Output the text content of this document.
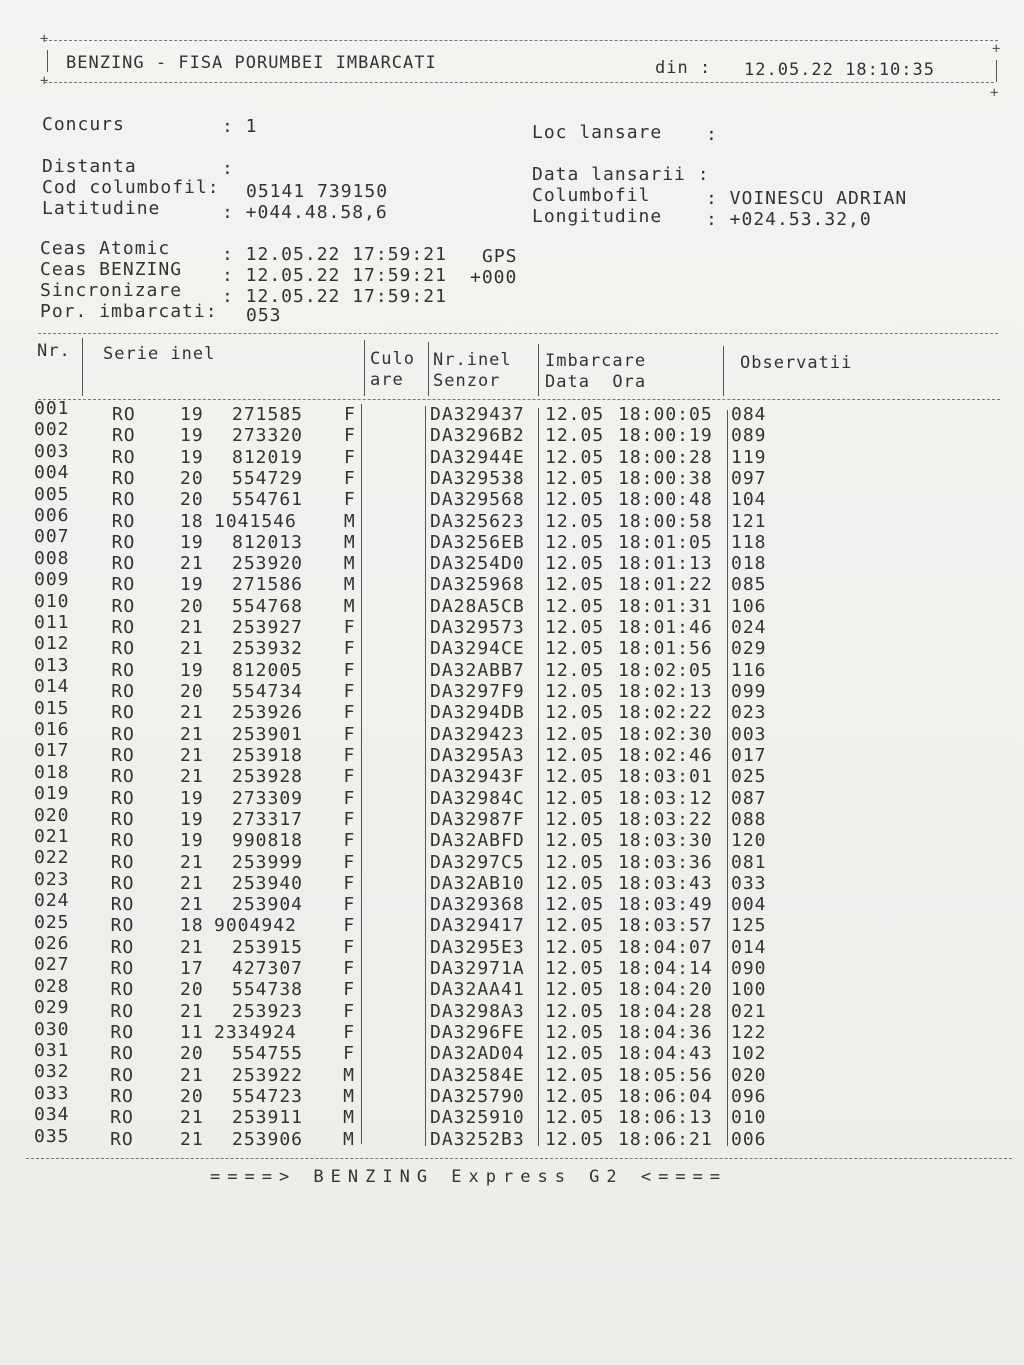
+
+
BENZING - FISA PORUMBEI IMBARCATI	din : 12.05.22 18:10:35
+
+
Concurs	: 1	Loc lansare :
Distanta	:	Data lansarii :
Cod columbofil: 05141 739150	Columbofil	: VOINESCU ADRIAN
Latitudine	: +044.48.58,6	Longitudine : +024.53.32,0
Ceas Atomic	: 12.05.22 17:59:21 GPS
Ceas BENZING : 12.05.22 17:59:21 +000
Sincronizare : 12.05.22 17:59:21
Por. imbarcati: 053
Nr. Serie inel	Culo
are
Nr.inel
Senzor
Imbarcare
Data  Ora
Observatii
001 RO 19 271585 F	DA329437 12.05 18:00:05 084
002 RO 19 273320 F	DA3296B2 12.05 18:00:19 089
003 RO 19 812019 F	DA32944E 12.05 18:00:28 119
004 RO 20 554729 F	DA329538 12.05 18:00:38 097
005 RO 20 554761 F	DA329568 12.05 18:00:48 104
006 RO 18 1041546	M	DA325623 12.05 18:00:58 121
007 RO 19 812013 M	DA3256EB 12.05 18:01:05 118
008 RO 21 253920 M	DA3254D0 12.05 18:01:13 018
009 RO 19 271586 M	DA325968 12.05 18:01:22 085
010 RO 20 554768 M	DA28A5CB 12.05 18:01:31 106
011 RO 21 253927 F	DA329573 12.05 18:01:46 024
012 RO 21 253932 F	DA3294CE 12.05 18:01:56 029
013 RO	19 812005 F	DA32ABB7 12.05 18:02:05 116
014 RO	20 554734 F	DA3297F9 12.05 18:02:13 099
015 RO	21 253926 F	DA3294DB 12.05 18:02:22 023
016 RO	21 253901 F	DA329423 12.05 18:02:30 003
017 RO	21 253918 F	DA3295A3 12.05 18:02:46 017
018 RO	21 253928 F	DA32943F 12.05 18:03:01 025
019 RO	19 273309 F	DA32984C 12.05 18:03:12 087
020 RO	19 273317 F	DA32987F 12.05 18:03:22 088
021 RO	19 990818 F	DA32ABFD 12.05 18:03:30 120
022 RO	21 253999 F	DA3297C5 12.05 18:03:36 081
023 RO	21 253940 F	DA32AB10 12.05 18:03:43 033
024 RO	21 253904 F	DA329368 12.05 18:03:49 004
025 RO	18 9004942	F	DA329417 12.05 18:03:57 125
026 RO	21 253915 F	DA3295E3 12.05 18:04:07 014
027 RO	17 427307 F	DA32971A 12.05 18:04:14 090
028 RO	20 554738 F	DA32AA41 12.05 18:04:20 100
029 RO	21 253923 F	DA3298A3 12.05 18:04:28 021
030 RO	11 2334924	F	DA3296FE 12.05 18:04:36 122
031 RO	20 554755 F	DA32AD04 12.05 18:04:43 102
032 RO	21 253922 M	DA32584E 12.05 18:05:56 020
033 RO	20 554723 M	DA325790 12.05 18:06:04 096
034 RO	21 253911 M	DA325910 12.05 18:06:13 010
035 RO	21 253906 M	DA3252B3 12.05 18:06:21 006
====> BENZING Express G2 <====
